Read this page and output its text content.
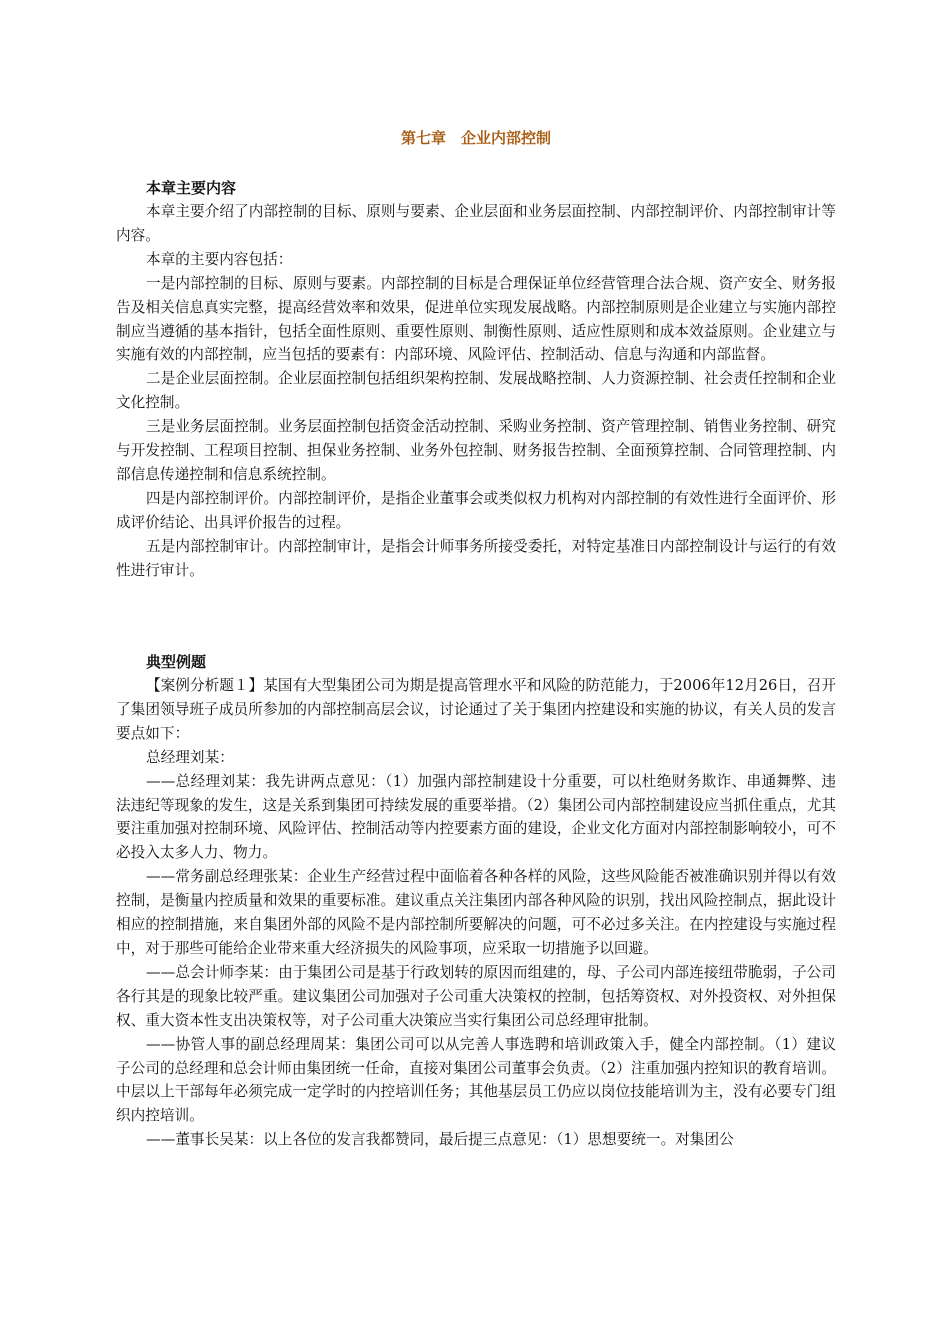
第七章　企业内部控制

本章主要内容

本章主要介绍了内部控制的目标、原则与要素、企业层面和业务层面控制、内部控制评价、内部控制审计等内容。

本章的主要内容包括：

一是内部控制的目标、原则与要素。内部控制的目标是合理保证单位经营管理合法合规、资产安全、财务报告及相关信息真实完整，提高经营效率和效果，促进单位实现发展战略。内部控制原则是企业建立与实施内部控制应当遵循的基本指针，包括全面性原则、重要性原则、制衡性原则、适应性原则和成本效益原则。企业建立与实施有效的内部控制，应当包括的要素有：内部环境、风险评估、控制活动、信息与沟通和内部监督。

二是企业层面控制。企业层面控制包括组织架构控制、发展战略控制、人力资源控制、社会责任控制和企业文化控制。

三是业务层面控制。业务层面控制包括资金活动控制、采购业务控制、资产管理控制、销售业务控制、研究与开发控制、工程项目控制、担保业务控制、业务外包控制、财务报告控制、全面预算控制、合同管理控制、内部信息传递控制和信息系统控制。

四是内部控制评价。内部控制评价，是指企业董事会或类似权力机构对内部控制的有效性进行全面评价、形成评价结论、出具评价报告的过程。

五是内部控制审计。内部控制审计，是指会计师事务所接受委托，对特定基准日内部控制设计与运行的有效性进行审计。

典型例题

【案例分析题１】某国有大型集团公司为期是提高管理水平和风险的防范能力，于2006年12月26日，召开了集团领导班子成员所参加的内部控制高层会议，讨论通过了关于集团内控建设和实施的协议，有关人员的发言要点如下：

总经理刘某：

——总经理刘某：我先讲两点意见：（1）加强内部控制建设十分重要，可以杜绝财务欺诈、串通舞弊、违法违纪等现象的发生，这是关系到集团可持续发展的重要举措。（2）集团公司内部控制建设应当抓住重点，尤其要注重加强对控制环境、风险评估、控制活动等内控要素方面的建设，企业文化方面对内部控制影响较小，可不必投入太多人力、物力。

——常务副总经理张某：企业生产经营过程中面临着各种各样的风险，这些风险能否被准确识别并得以有效控制，是衡量内控质量和效果的重要标准。建议重点关注集团内部各种风险的识别，找出风险控制点，据此设计相应的控制措施，来自集团外部的风险不是内部控制所要解决的问题，可不必过多关注。在内控建设与实施过程中，对于那些可能给企业带来重大经济损失的风险事项，应采取一切措施予以回避。

——总会计师李某：由于集团公司是基于行政划转的原因而组建的，母、子公司内部连接纽带脆弱，子公司各行其是的现象比较严重。建议集团公司加强对子公司重大决策权的控制，包括筹资权、对外投资权、对外担保权、重大资本性支出决策权等，对子公司重大决策应当实行集团公司总经理审批制。

——协管人事的副总经理周某：集团公司可以从完善人事选聘和培训政策入手，健全内部控制。（1）建议子公司的总经理和总会计师由集团统一任命，直接对集团公司董事会负责。（2）注重加强内控知识的教育培训。中层以上干部每年必须完成一定学时的内控培训任务；其他基层员工仍应以岗位技能培训为主，没有必要专门组织内控培训。

——董事长吴某：以上各位的发言我都赞同，最后提三点意见：（1）思想要统一。对集团公
